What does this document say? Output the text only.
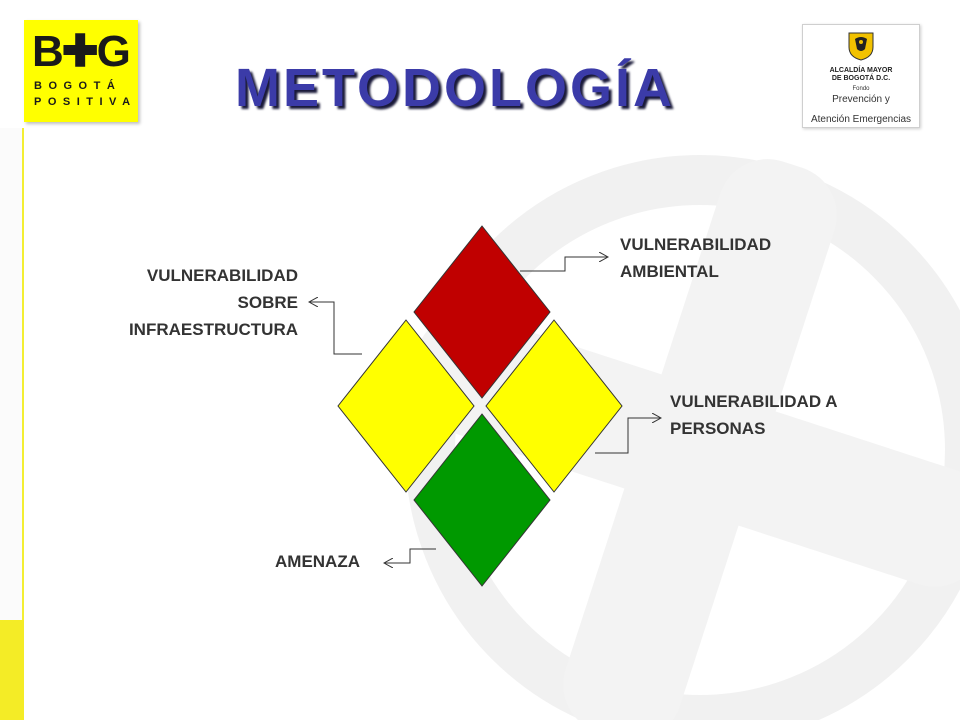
B✚G
BOGOTÁ
POSITIVA METODOLOGÍA	ALCALDÍA MAYOR
DE BOGOTÁ D.C.
Fondo
Prevención y
Atención Emergencias
VULNERABILIDAD
AMBIENTAL
VULNERABILIDAD
SOBRE
INFRAESTRUCTURA
VULNERABILIDAD A
PERSONAS
AMENAZA
